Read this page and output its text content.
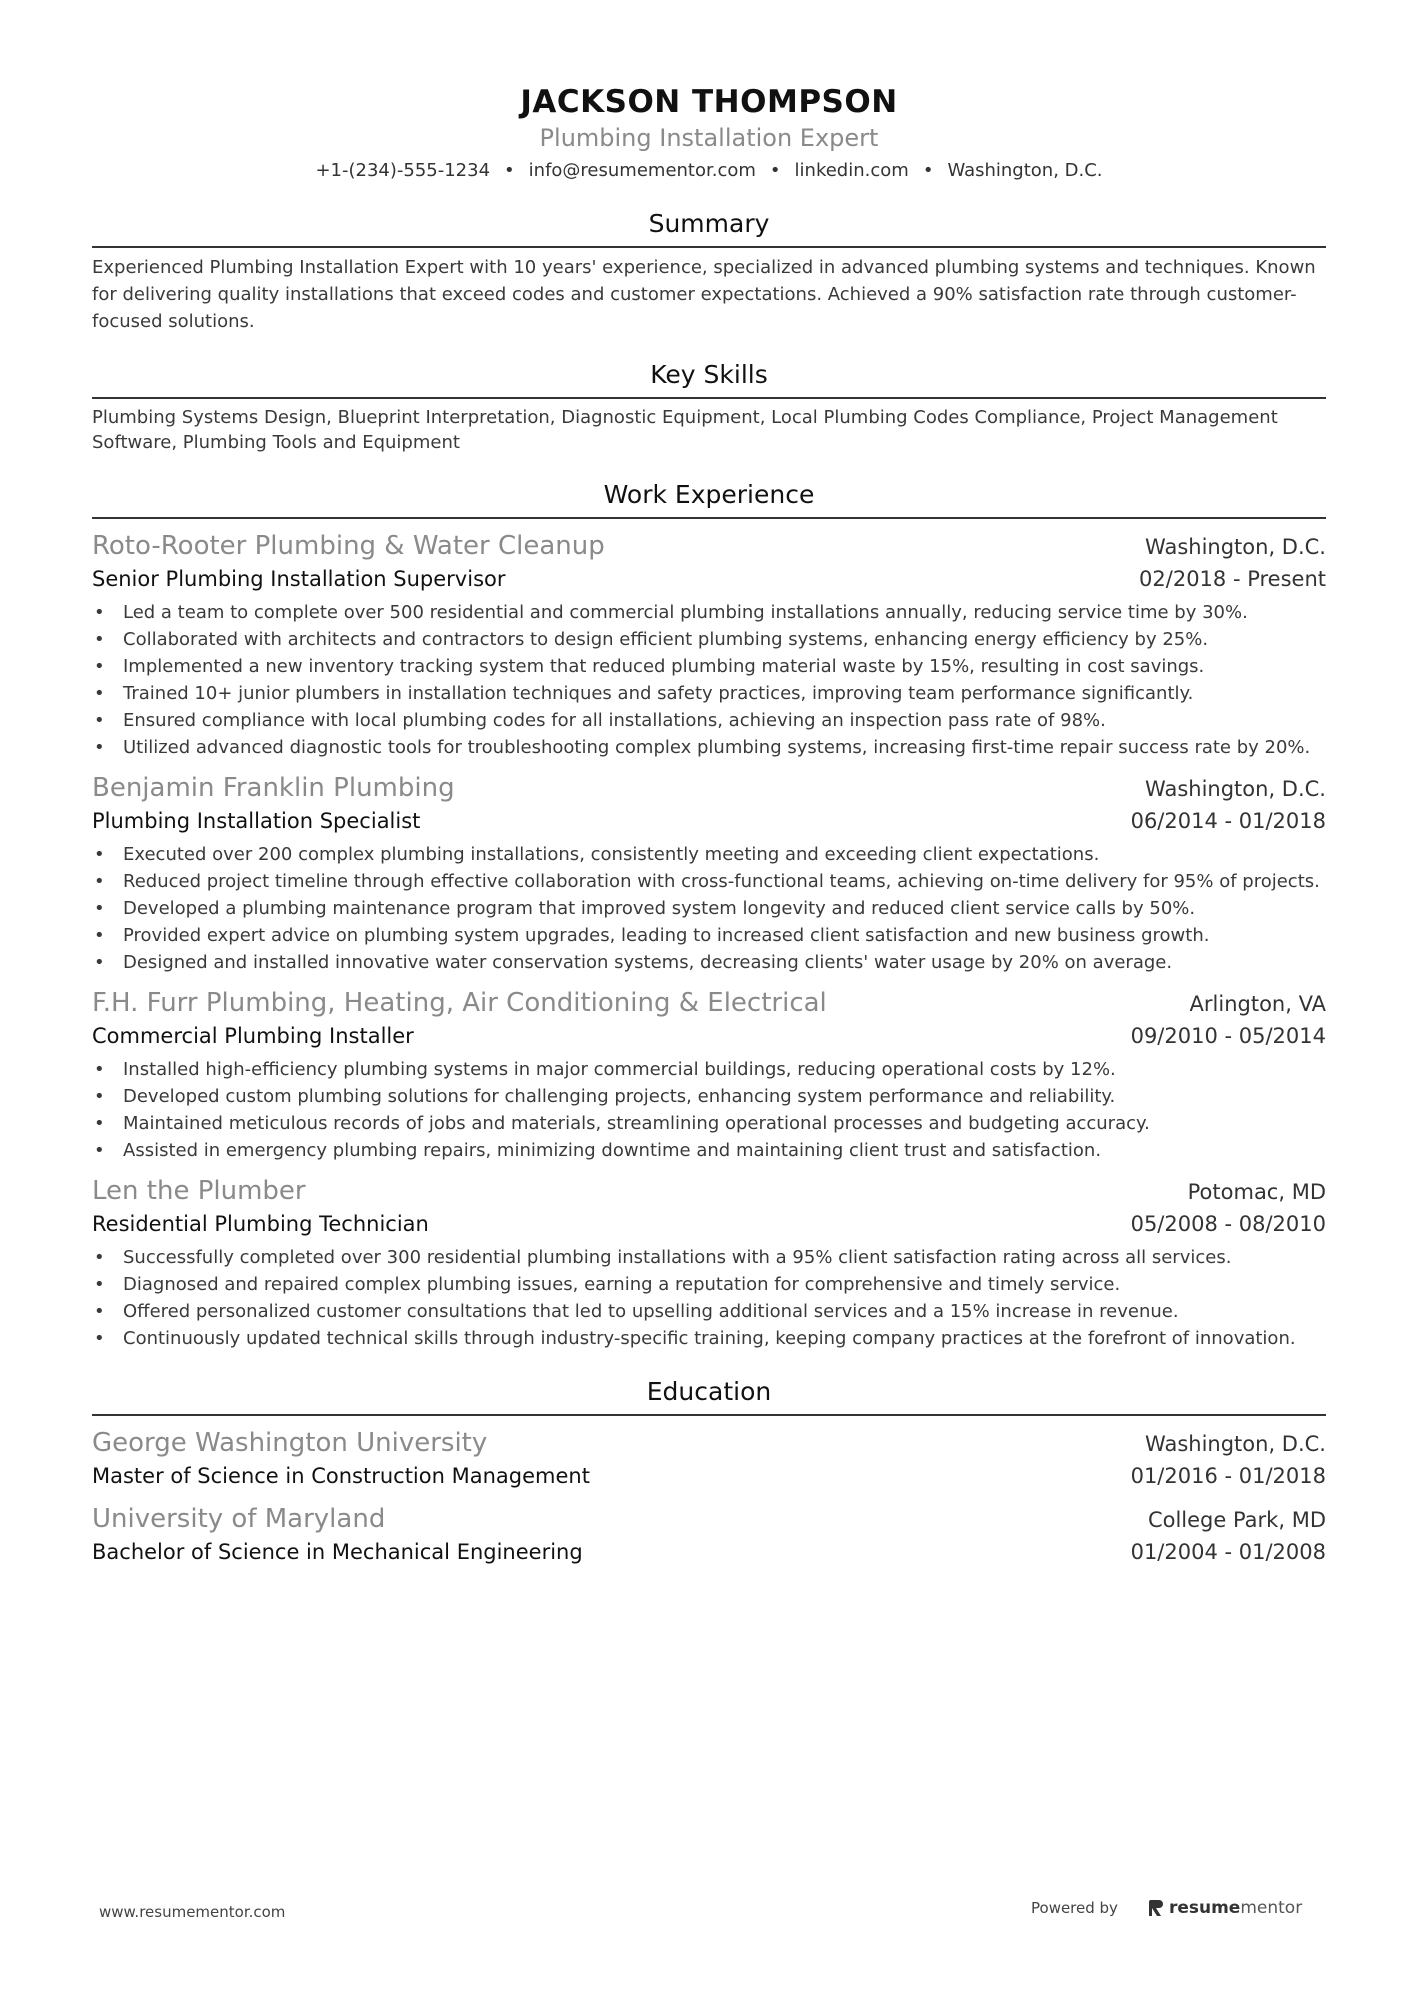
JACKSON THOMPSON
Plumbing Installation Expert
+1-(234)-555-1234 • info@resumementor.com • linkedin.com • Washington, D.C.
Summary
Experienced Plumbing Installation Expert with 10 years' experience, specialized in advanced plumbing systems and techniques. Known for delivering quality installations that exceed codes and customer expectations. Achieved a 90% satisfaction rate through customer-focused solutions.
Key Skills
Plumbing Systems Design, Blueprint Interpretation, Diagnostic Equipment, Local Plumbing Codes Compliance, Project Management Software, Plumbing Tools and Equipment
Work Experience
Roto-Rooter Plumbing & Water Cleanup	Washington, D.C.
Senior Plumbing Installation Supervisor	02/2018 - Present
• Led a team to complete over 500 residential and commercial plumbing installations annually, reducing service time by 30%.
• Collaborated with architects and contractors to design efficient plumbing systems, enhancing energy efficiency by 25%.
• Implemented a new inventory tracking system that reduced plumbing material waste by 15%, resulting in cost savings.
• Trained 10+ junior plumbers in installation techniques and safety practices, improving team performance significantly.
• Ensured compliance with local plumbing codes for all installations, achieving an inspection pass rate of 98%.
• Utilized advanced diagnostic tools for troubleshooting complex plumbing systems, increasing first-time repair success rate by 20%.
Benjamin Franklin Plumbing	Washington, D.C.
Plumbing Installation Specialist	06/2014 - 01/2018
• Executed over 200 complex plumbing installations, consistently meeting and exceeding client expectations.
• Reduced project timeline through effective collaboration with cross-functional teams, achieving on-time delivery for 95% of projects.
• Developed a plumbing maintenance program that improved system longevity and reduced client service calls by 50%.
• Provided expert advice on plumbing system upgrades, leading to increased client satisfaction and new business growth.
• Designed and installed innovative water conservation systems, decreasing clients' water usage by 20% on average.
F.H. Furr Plumbing, Heating, Air Conditioning & Electrical	Arlington, VA
Commercial Plumbing Installer	09/2010 - 05/2014
• Installed high-efficiency plumbing systems in major commercial buildings, reducing operational costs by 12%.
• Developed custom plumbing solutions for challenging projects, enhancing system performance and reliability.
• Maintained meticulous records of jobs and materials, streamlining operational processes and budgeting accuracy.
• Assisted in emergency plumbing repairs, minimizing downtime and maintaining client trust and satisfaction.
Len the Plumber	Potomac, MD
Residential Plumbing Technician	05/2008 - 08/2010
• Successfully completed over 300 residential plumbing installations with a 95% client satisfaction rating across all services.
• Diagnosed and repaired complex plumbing issues, earning a reputation for comprehensive and timely service.
• Offered personalized customer consultations that led to upselling additional services and a 15% increase in revenue.
• Continuously updated technical skills through industry-specific training, keeping company practices at the forefront of innovation.
Education
George Washington University	Washington, D.C.
Master of Science in Construction Management	01/2016 - 01/2018
University of Maryland	College Park, MD
Bachelor of Science in Mechanical Engineering	01/2004 - 01/2008
www.resumementor.com	Powered by	resume mentor
